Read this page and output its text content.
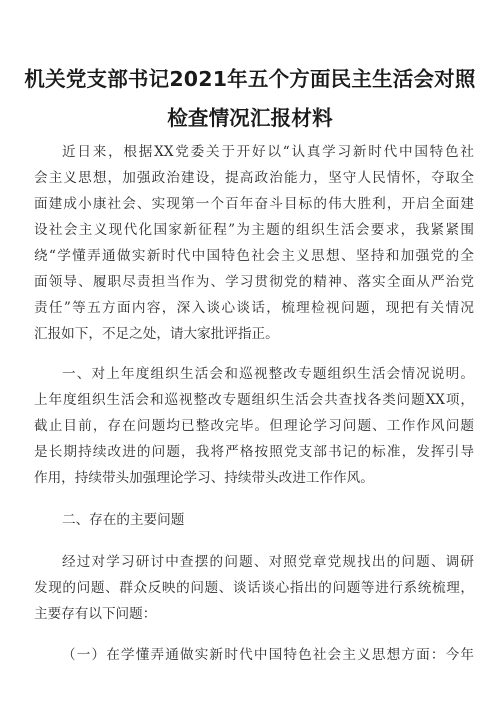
机关党支部书记2021年五个方面民主生活会对照
检查情况汇报材料
近日来，根据XX党委关于开好以“认真学习新时代中国特色社
会主义思想，加强政治建设，提高政治能力，坚守人民情怀，夺取全
面建成小康社会、实现第一个百年奋斗目标的伟大胜利，开启全面建
设社会主义现代化国家新征程”为主题的组织生活会要求，我紧紧围
绕“学懂弄通做实新时代中国特色社会主义思想、坚持和加强党的全
面领导、履职尽责担当作为、学习贯彻党的精神、落实全面从严治党
责任”等五方面内容，深入谈心谈话，梳理检视问题，现把有关情况
汇报如下，不足之处，请大家批评指正。
一、对上年度组织生活会和巡视整改专题组织生活会情况说明。
上年度组织生活会和巡视整改专题组织生活会共查找各类问题XX项，
截止目前，存在问题均已整改完毕。但理论学习问题、工作作风问题
是长期持续改进的问题，我将严格按照党支部书记的标准，发挥引导
作用，持续带头加强理论学习、持续带头改进工作作风。
二、存在的主要问题
经过对学习研讨中查摆的问题、对照党章党规找出的问题、调研
发现的问题、群众反映的问题、谈话谈心指出的问题等进行系统梳理，
主要存有以下问题：
（一）在学懂弄通做实新时代中国特色社会主义思想方面：今年
